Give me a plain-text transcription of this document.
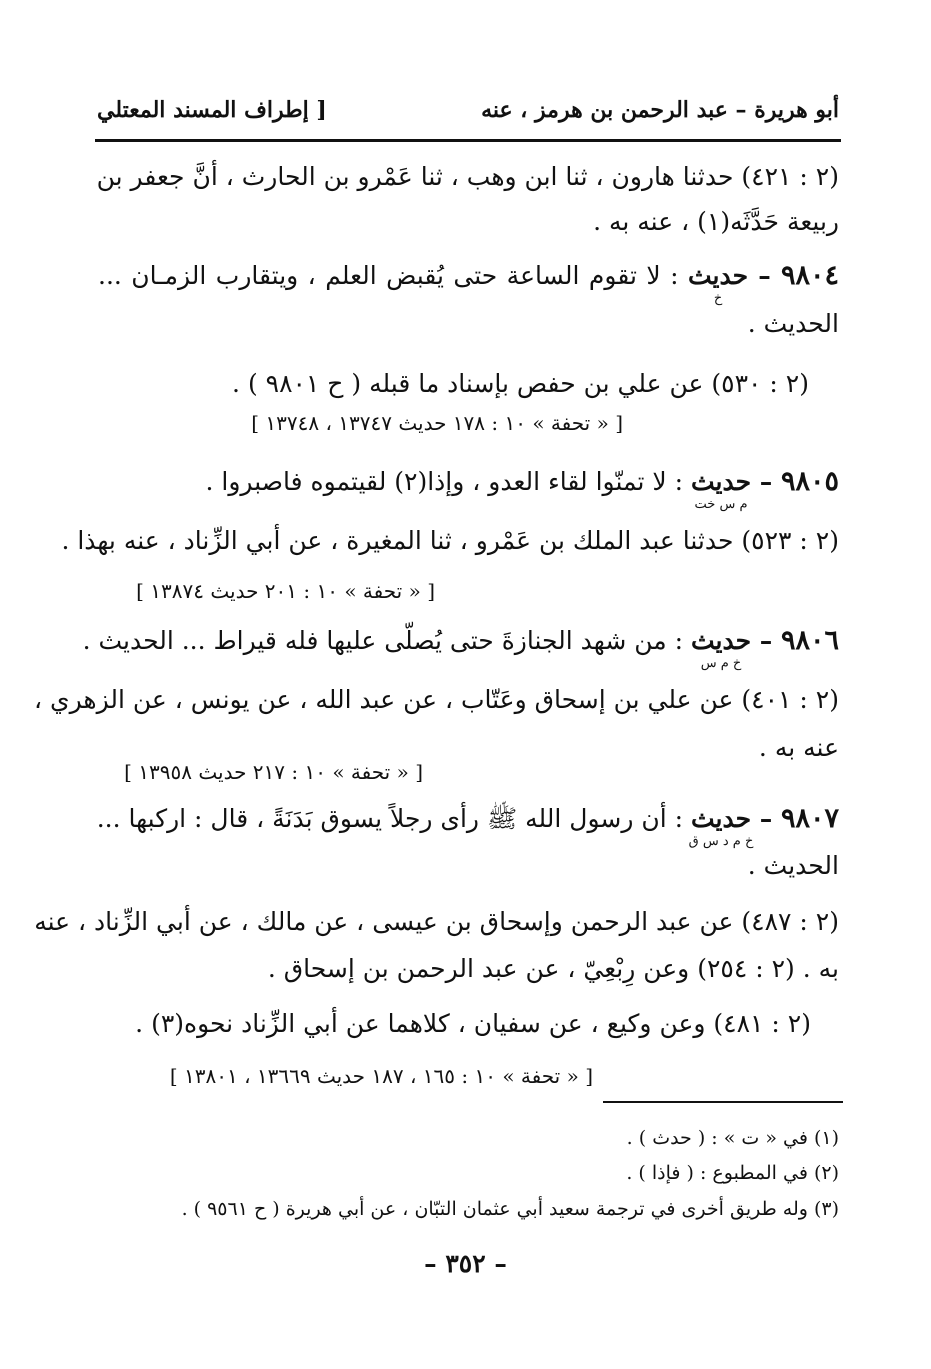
أبو هريرة – عبد الرحمن بن هرمز ، عنه
[ إطراف المسند المعتلي
(٢ : ٤٢١) حدثنا هارون ، ثنا ابن وهب ، ثنا عَمْرو بن الحارث ، أنَّ جعفر بن
ربيعة حَدَّثَه(١) ، عنه به .
٩٨٠٤ – حديث
خ
: لا تقوم الساعة حتى يُقبض العلم ، ويتقارب الزمـان ...
الحديث .
(٢ : ٥٣٠) عن علي بن حفص بإسناد ما قبله ( ح ٩٨٠١ ) .
[ « تحفة » ١٠ : ١٧٨ حديث ١٣٧٤٧ ، ١٣٧٤٨ ]
٩٨٠٥ – حديث
م س خت
: لا تمنّوا لقاء العدو ، وإذا(٢) لقيتموه فاصبروا .
(٢ : ٥٢٣) حدثنا عبد الملك بن عَمْرو ، ثنا المغيرة ، عن أبي الزِّناد ، عنه بهذا .
[ « تحفة » ١٠ : ٢٠١ حديث ١٣٨٧٤ ]
٩٨٠٦ – حديث
خ م س
: من شهد الجنازةَ حتى يُصلّى عليها فله قيراط ... الحديث .
(٢ : ٤٠١) عن علي بن إسحاق وعَتّاب ، عن عبد الله ، عن يونس ، عن الزهري ،
عنه به .
[ « تحفة » ١٠ : ٢١٧ حديث ١٣٩٥٨ ]
٩٨٠٧ – حديث
خ م د س ق
: أن رسول الله ﷺ رأى رجلاً يسوق بَدَنَةً ، قال : اركبها ...
الحديث .
(٢ : ٤٨٧) عن عبد الرحمن وإسحاق بن عيسى ، عن مالك ، عن أبي الزِّناد ، عنه
به . (٢ : ٢٥٤) وعن رِبْعِيّ ، عن عبد الرحمن بن إسحاق .
(٢ : ٤٨١) وعن وكيع ، عن سفيان ، كلاهما عن أبي الزِّناد نحوه(٣) .
[ « تحفة » ١٠ : ١٦٥ ، ١٨٧ حديث ١٣٦٦٩ ، ١٣٨٠١ ]
(١) في « ت » : ( حدث ) .
(٢) في المطبوع : ( فإذا ) .
(٣) وله طريق أخرى في ترجمة سعيد أبي عثمان التبّان ، عن أبي هريرة ( ح ٩٥٦١ ) .
– ٣٥٢ –
